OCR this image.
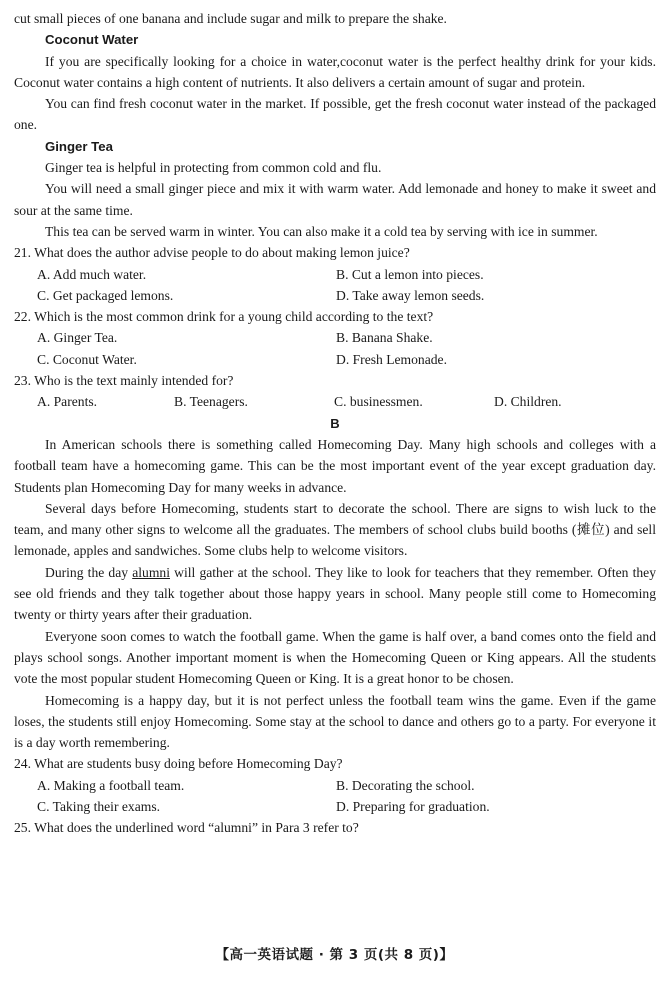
cut small pieces of one banana and include sugar and milk to prepare the shake.

Coconut Water

If you are specifically looking for a choice in water,coconut water is the perfect healthy drink for your kids. Coconut water contains a high content of nutrients. It also delivers a certain amount of sugar and protein.

You can find fresh coconut water in the market. If possible, get the fresh coconut water instead of the packaged one.

Ginger Tea

Ginger tea is helpful in protecting from common cold and flu.

You will need a small ginger piece and mix it with warm water. Add lemonade and honey to make it sweet and sour at the same time.

This tea can be served warm in winter. You can also make it a cold tea by serving with ice in summer.

21. What does the author advise people to do about making lemon juice?
A. Add much water.	B. Cut a lemon into pieces.
C. Get packaged lemons.	D. Take away lemon seeds.
22. Which is the most common drink for a young child according to the text?
A. Ginger Tea.	B. Banana Shake.
C. Coconut Water.	D. Fresh Lemonade.
23. Who is the text mainly intended for?
A. Parents.	B. Teenagers.	C. businessmen.	D. Children.
B

In American schools there is something called Homecoming Day. Many high schools and colleges with a football team have a homecoming game. This can be the most important event of the year except graduation day. Students plan Homecoming Day for many weeks in advance.

Several days before Homecoming, students start to decorate the school. There are signs to wish luck to the team, and many other signs to welcome all the graduates. The members of school clubs build booths (摊位) and sell lemonade, apples and sandwiches. Some clubs help to welcome visitors.

During the day alumni will gather at the school. They like to look for teachers that they remember. Often they see old friends and they talk together about those happy years in school. Many people still come to Homecoming twenty or thirty years after their graduation.

Everyone soon comes to watch the football game. When the game is half over, a band comes onto the field and plays school songs. Another important moment is when the Homecoming Queen or King appears. All the students vote the most popular student Homecoming Queen or King. It is a great honor to be chosen.

Homecoming is a happy day, but it is not perfect unless the football team wins the game. Even if the game loses, the students still enjoy Homecoming. Some stay at the school to dance and others go to a party. For everyone it is a day worth remembering.

24. What are students busy doing before Homecoming Day?
A. Making a football team.	B. Decorating the school.
C. Taking their exams.	D. Preparing for graduation.
25. What does the underlined word “alumni” in Para 3 refer to?
【高一英语试题 · 第 3 页(共 8 页)】
